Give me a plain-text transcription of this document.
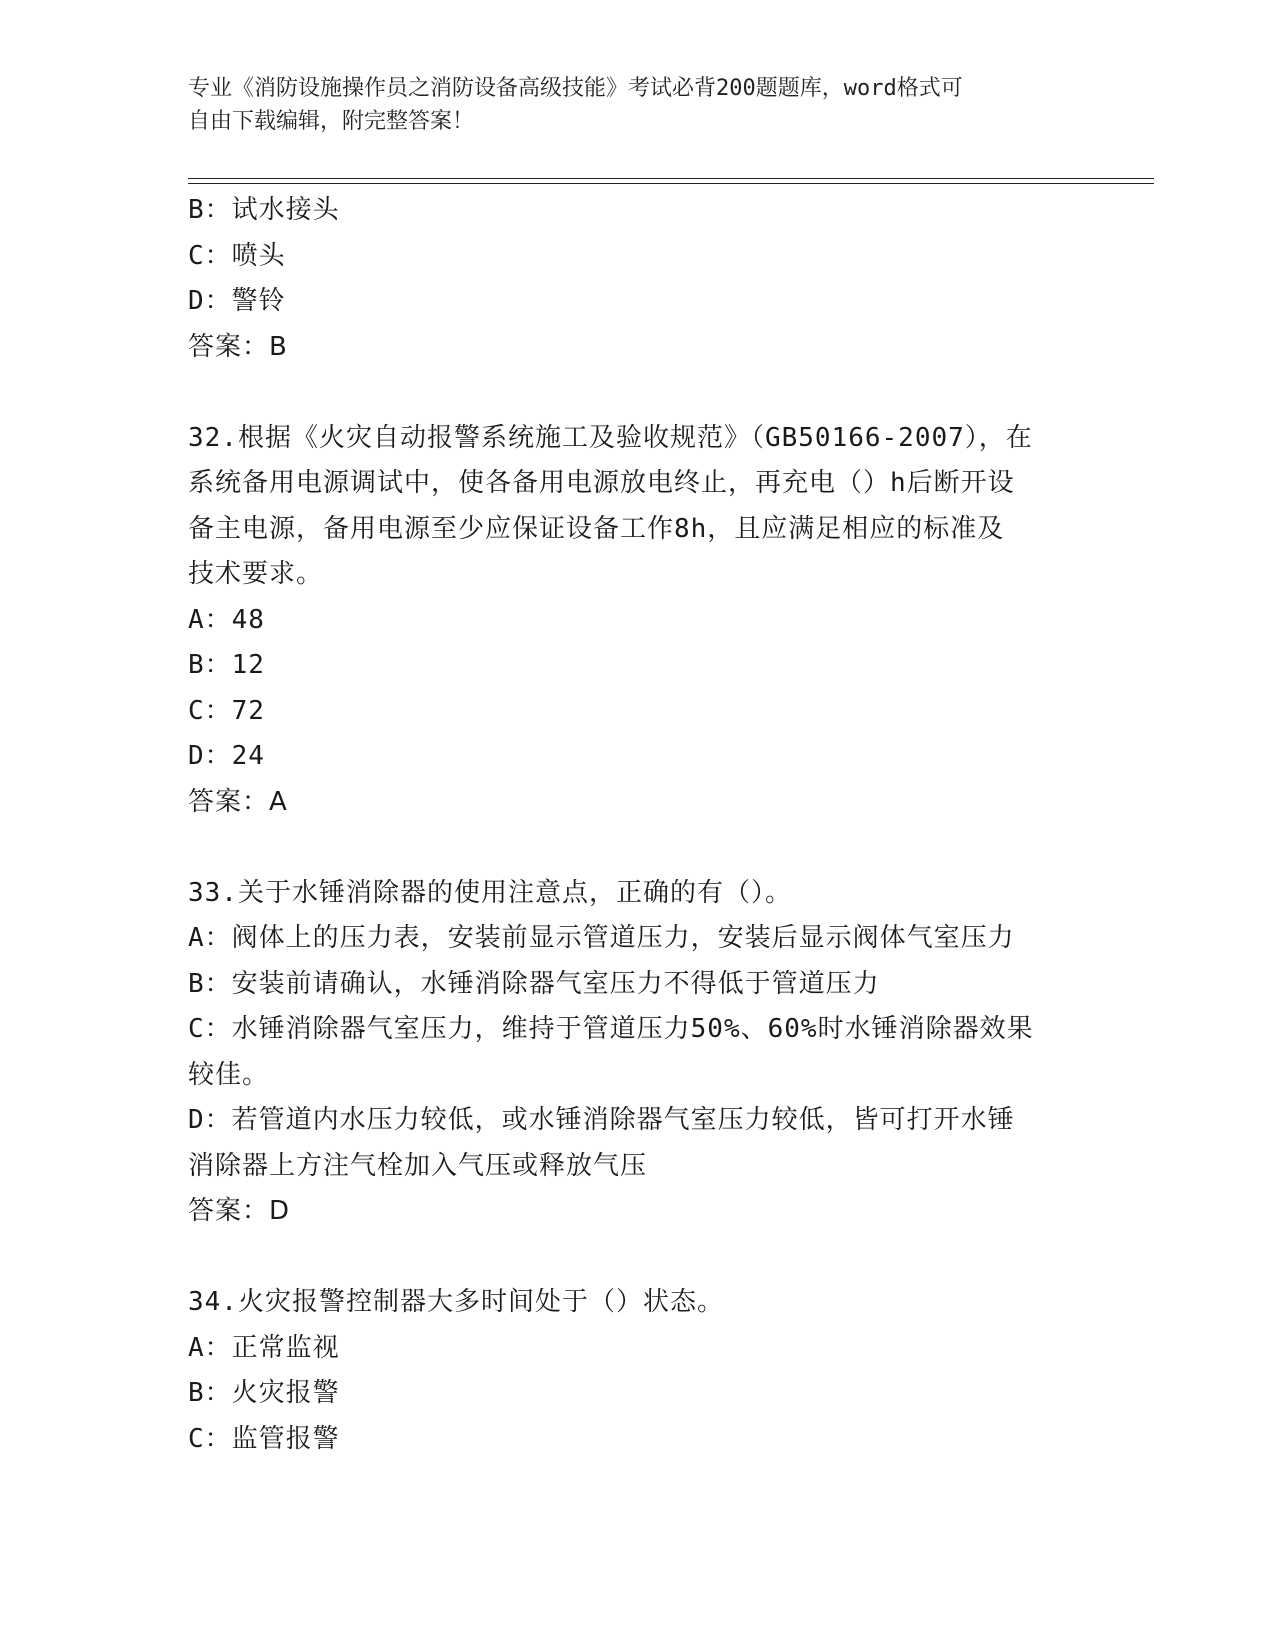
专业《消防设施操作员之消防设备高级技能》考试必背200题题库，word格式可
自由下载编辑，附完整答案！
B：试水接头
C：喷头
D：警铃
答案：B
32.根据《火灾自动报警系统施工及验收规范》（GB50166-2007），在
系统备用电源调试中，使各备用电源放电终止，再充电（）h后断开设
备主电源，备用电源至少应保证设备工作8h，且应满足相应的标准及
技术要求。
A：48
B：12
C：72
D：24
答案：A
33.关于水锤消除器的使用注意点，正确的有（）。
A：阀体上的压力表，安装前显示管道压力，安装后显示阀体气室压力
B：安装前请确认，水锤消除器气室压力不得低于管道压力
C：水锤消除器气室压力，维持于管道压力50%、60%时水锤消除器效果
较佳。
D：若管道内水压力较低，或水锤消除器气室压力较低，皆可打开水锤
消除器上方注气栓加入气压或释放气压
答案：D
34.火灾报警控制器大多时间处于（）状态。
A：正常监视
B：火灾报警
C：监管报警
